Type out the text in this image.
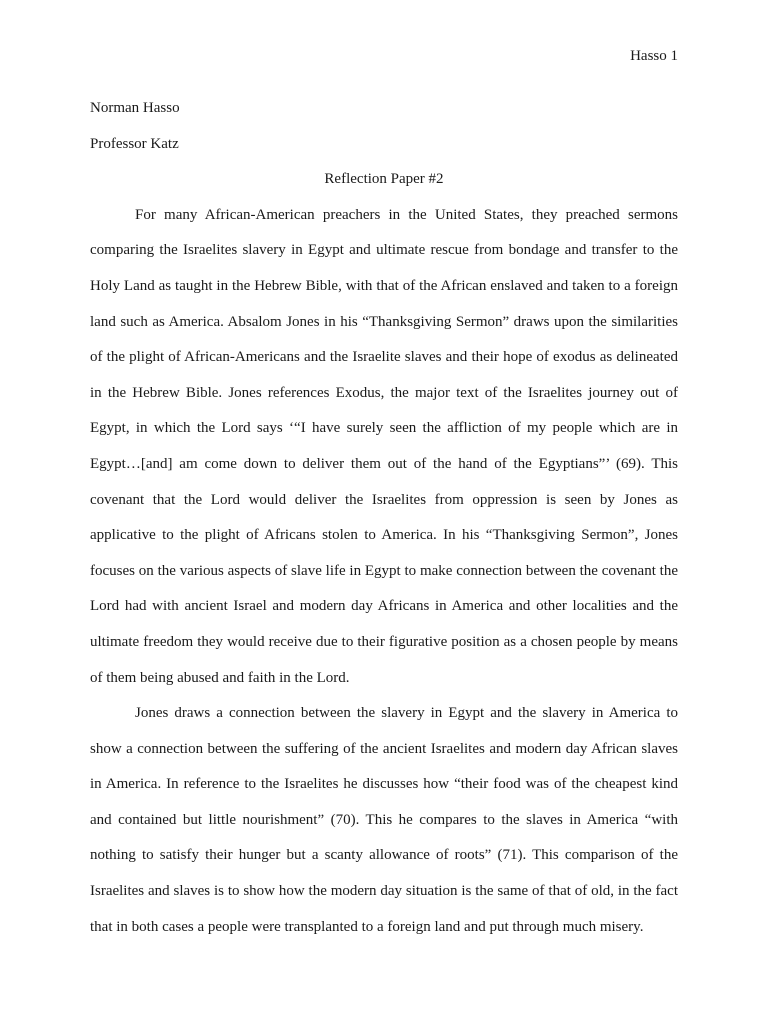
Hasso 1

Norman Hasso

Professor Katz

Reflection Paper #2

For many African-American preachers in the United States, they preached sermons comparing the Israelites slavery in Egypt and ultimate rescue from bondage and transfer to the Holy Land as taught in the Hebrew Bible, with that of the African enslaved and taken to a foreign land such as America. Absalom Jones in his “Thanksgiving Sermon” draws upon the similarities of the plight of African-Americans and the Israelite slaves and their hope of exodus as delineated in the Hebrew Bible. Jones references Exodus, the major text of the Israelites journey out of Egypt, in which the Lord says ‘“I have surely seen the affliction of my people which are in Egypt…[and] am come down to deliver them out of the hand of the Egyptians”’ (69). This covenant that the Lord would deliver the Israelites from oppression is seen by Jones as applicative to the plight of Africans stolen to America. In his “Thanksgiving Sermon”, Jones focuses on the various aspects of slave life in Egypt to make connection between the covenant the Lord had with ancient Israel and modern day Africans in America and other localities and the ultimate freedom they would receive due to their figurative position as a chosen people by means of them being abused and faith in the Lord.

Jones draws a connection between the slavery in Egypt and the slavery in America to show a connection between the suffering of the ancient Israelites and modern day African slaves in America. In reference to the Israelites he discusses how “their food was of the cheapest kind and contained but little nourishment” (70). This he compares to the slaves in America “with nothing to satisfy their hunger but a scanty allowance of roots” (71). This comparison of the Israelites and slaves is to show how the modern day situation is the same of that of old, in the fact that in both cases a people were transplanted to a foreign land and put through much misery.
